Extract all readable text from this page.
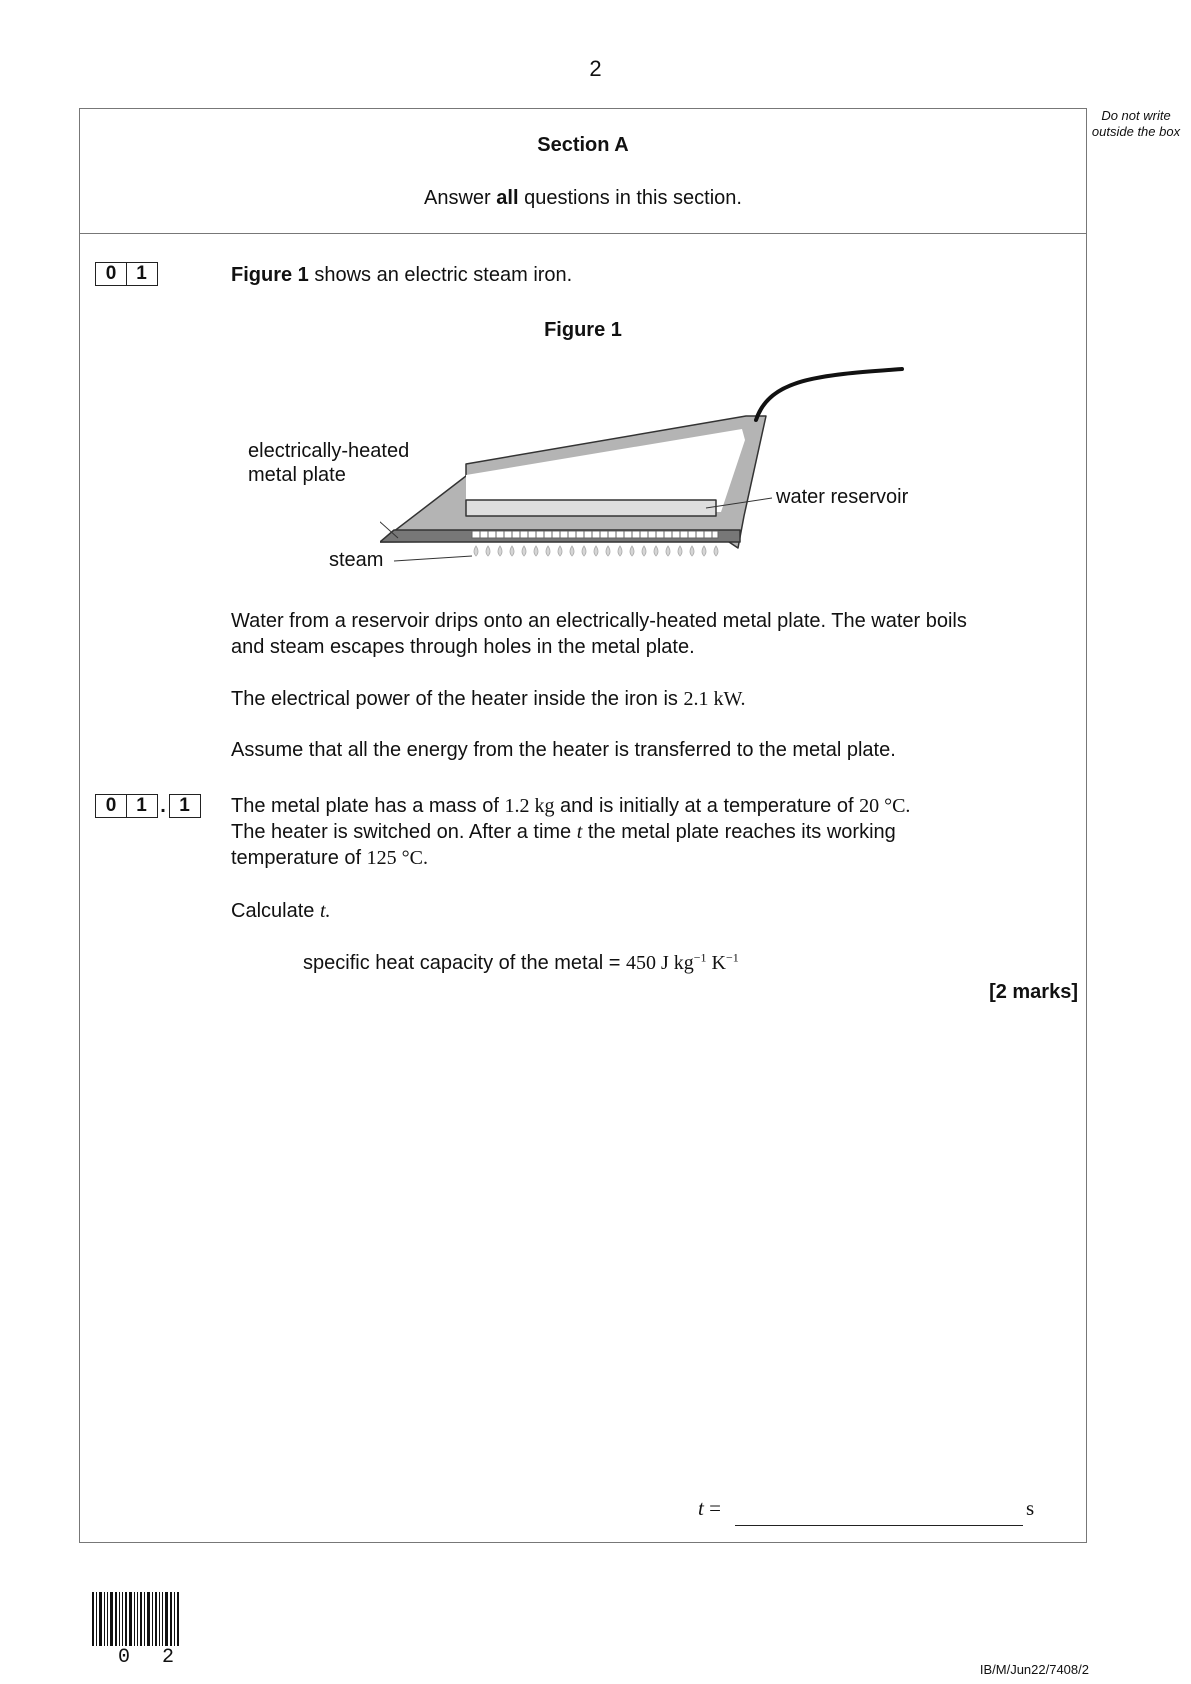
2
Do not write outside the box
Section A
Answer all questions in this section.
0	1	Figure 1 shows an electric steam iron.
Figure 1
electrically-heated
metal plate
water reservoir
steam
Water from a reservoir drips onto an electrically-heated metal plate. The water boils
and steam escapes through holes in the metal plate.
The electrical power of the heater inside the iron is 2.1 kW.
Assume that all the energy from the heater is transferred to the metal plate.
0	1 . 1	The metal plate has a mass of 1.2 kg and is initially at a temperature of 20 °C.
The heater is switched on. After a time t the metal plate reaches its working
temperature of 125 °C.
Calculate t.
specific heat capacity of the metal = 450 J $kg^{-1}$ $K^{-1}$
[2 marks]
t =	s
0 2
IB/M/Jun22/7408/2
